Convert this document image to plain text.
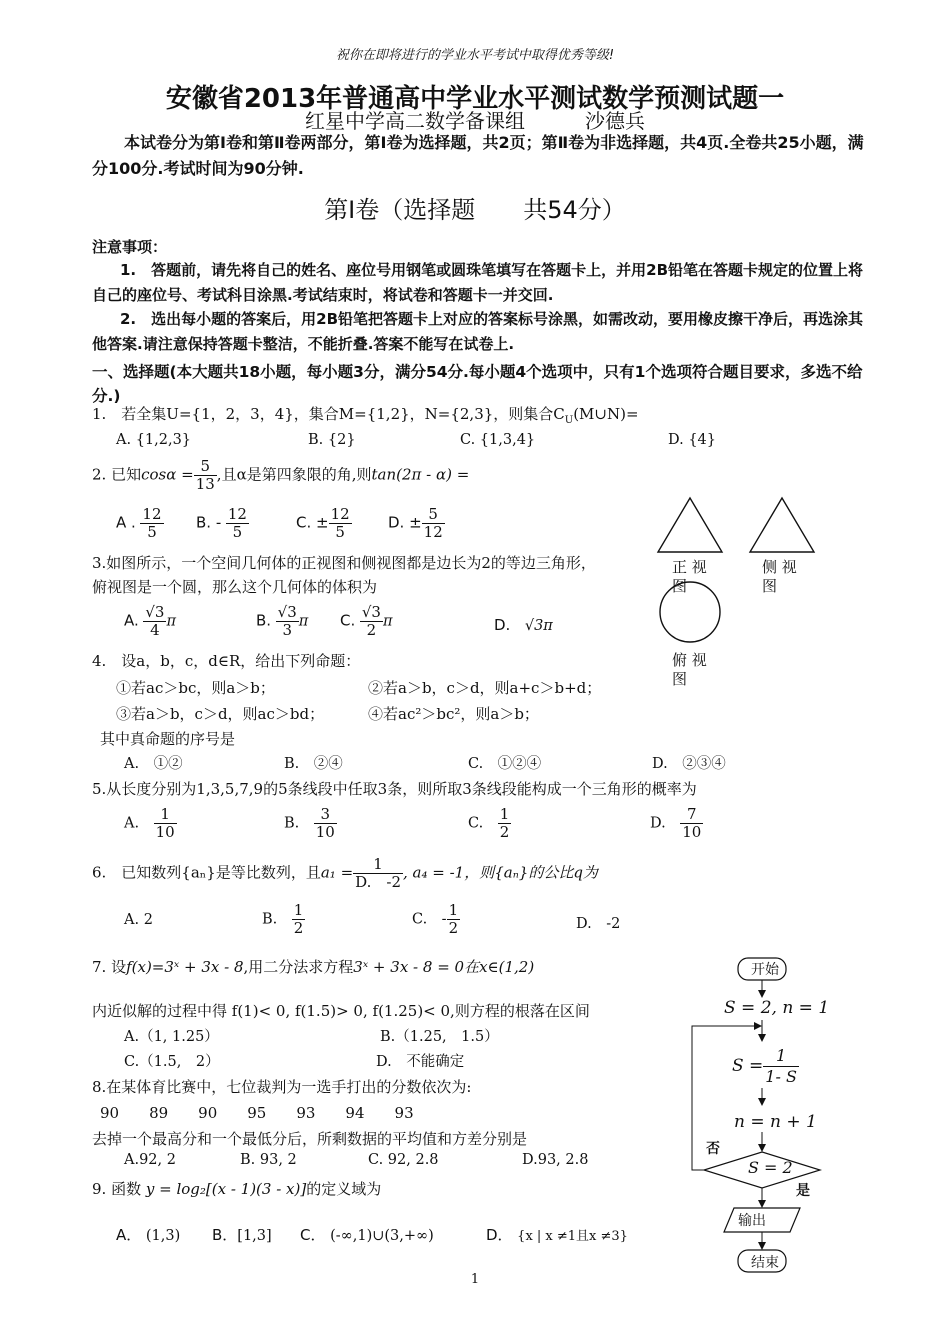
祝你在即将进行的学业水平考试中取得优秀等级!
安徽省2013年普通高中学业水平测试数学预测试题一
红星中学高二数学备课组　　　沙德兵
本试卷分为第Ⅰ卷和第Ⅱ卷两部分，第Ⅰ卷为选择题，共2页；第Ⅱ卷为非选择题，共4页.全卷共25小题，满分100分.考试时间为90分钟.
第Ⅰ卷（选择题　　共54分）
注意事项：
1.　答题前，请先将自己的姓名、座位号用钢笔或圆珠笔填写在答题卡上，并用2B铅笔在答题卡规定的位置上将自己的座位号、考试科目涂黑.考试结束时，将试卷和答题卡一并交回.
2.　选出每小题的答案后，用2B铅笔把答题卡上对应的答案标号涂黑，如需改动，要用橡皮擦干净后，再选涂其他答案.请注意保持答题卡整洁，不能折叠.答案不能写在试卷上.
一、选择题(本大题共18小题，每小题3分，满分54分.每小题4个选项中，只有1个选项符合题目要求，多选不给分.)
1.　若全集U={1，2，3，4}，集合M={1,2}，N={2,3}，则集合$C_U(M\cup N)=$
A. {1,2,3}	B. {2}	C. {1,3,4}	D. {4}
2. 已知$\cos\alpha = \frac{5}{13}$ ,且α是第四象限的角,则tan(2π - α) =
A . $\frac{12}{5} B$. - $\frac{12}{5}$	C. ± $\frac{12}{5} D$. ± $\frac{5}{12}$
3.如图所示，一个空间几何体的正视图和侧视图都是边长为2的等边三角形，
俯视图是一个圆，那么这个几何体的体积为
A. $\frac{√3}{4}$ π	B. $\frac{√3}{3}$ π C. $\frac{√3}{2}$ π	D.　 √3π
正 视图
侧 视图
俯 视图
4.　设a，b，c，d∈R，给出下列命题：
①若ac＞bc，则a＞b；	②若a＞b，c＞d，则a+c＞b+d；
③若a＞b，c＞d，则ac＞bd；	④若ac²＞bc²，则a＞b；
其中真命题的序号是
A.　①②	B.　②④	C.　①②④	D.　②③④
5.从长度分别为1,3,5,7,9的5条线段中任取3条，则所取3条线段能构成一个三角形的概率为
A.　 $\frac{1}{10}$	B.　 $\frac{3}{10}$	C.　 $\frac{1}{2}$	D.　 $\frac{7}{10}$
6.　已知数列{aₙ}是等比数列，且$a_1 = \frac{1}{D. -2}$ , a₄ = -1，则{aₙ}的公比q为
A. 2	B.　 $\frac{1}{2}$	C.　- $\frac{1}{2}$	D.　-2
7. 设f(x)=3ˣ + 3x - 8,用二分法求方程3ˣ + 3x - 8 = 0在x∈(1,2)
内近似解的过程中得 f(1)< 0, f(1.5)> 0, f(1.25)< 0,则方程的根落在区间
A.（1, 1.25）	B.（1.25,　1.5）
C.（1.5,　2）	D.　不能确定
8.在某体育比赛中，七位裁判为一选手打出的分数依次为:
90　　89　　90　　95　　93　　94　　93
去掉一个最高分和一个最低分后，所剩数据的平均值和方差分别是
A.92, 2	B. 93, 2	C. 92, 2.8	D.93, 2.8
9. 函数 y = log₂[(x - 1)(3 - x)]的定义域为
A． (1,3) B．[1,3] C． (-∞,1)∪(3,+∞)	D． {x | x ≠1且x ≠3}
开始
S = 2, n = 1
$S = \frac{1}{1- S}$
n = n + 1
S = 2
否
是
输出
结束
1
